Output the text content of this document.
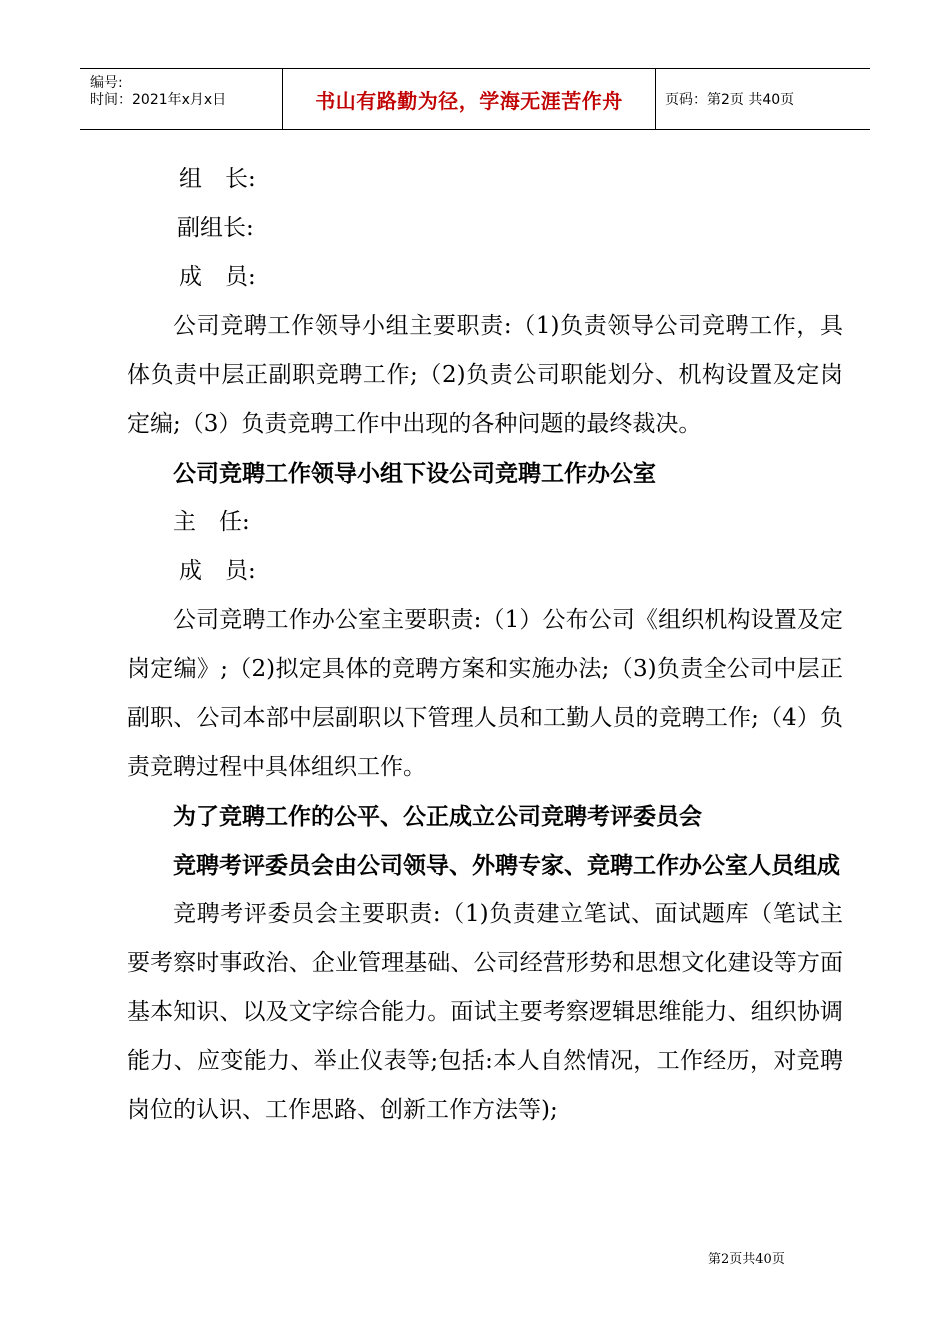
编号:
时间：2021年x月x日	书山有路勤为径，学海无涯苦作舟	页码：第2页 共40页
组　长:
副组长:
成　员:

公司竞聘工作领导小组主要职责:（1)负责领导公司竞聘工作，具体负责中层正副职竞聘工作;（2)负责公司职能划分、机构设置及定岗定编;（3）负责竞聘工作中出现的各种问题的最终裁决。

公司竞聘工作领导小组下设公司竞聘工作办公室

主　任:
成　员:

公司竞聘工作办公室主要职责:（1）公布公司《组织机构设置及定岗定编》;（2)拟定具体的竞聘方案和实施办法;（3)负责全公司中层正副职、公司本部中层副职以下管理人员和工勤人员的竞聘工作;（4）负责竞聘过程中具体组织工作。

为了竞聘工作的公平、公正成立公司竞聘考评委员会

竞聘考评委员会由公司领导、外聘专家、竞聘工作办公室人员组成

竞聘考评委员会主要职责:（1)负责建立笔试、面试题库（笔试主要考察时事政治、企业管理基础、公司经营形势和思想文化建设等方面基本知识、以及文字综合能力。面试主要考察逻辑思维能力、组织协调能力、应变能力、举止仪表等;包括:本人自然情况，工作经历，对竞聘岗位的认识、工作思路、创新工作方法等);

第2页共40页
